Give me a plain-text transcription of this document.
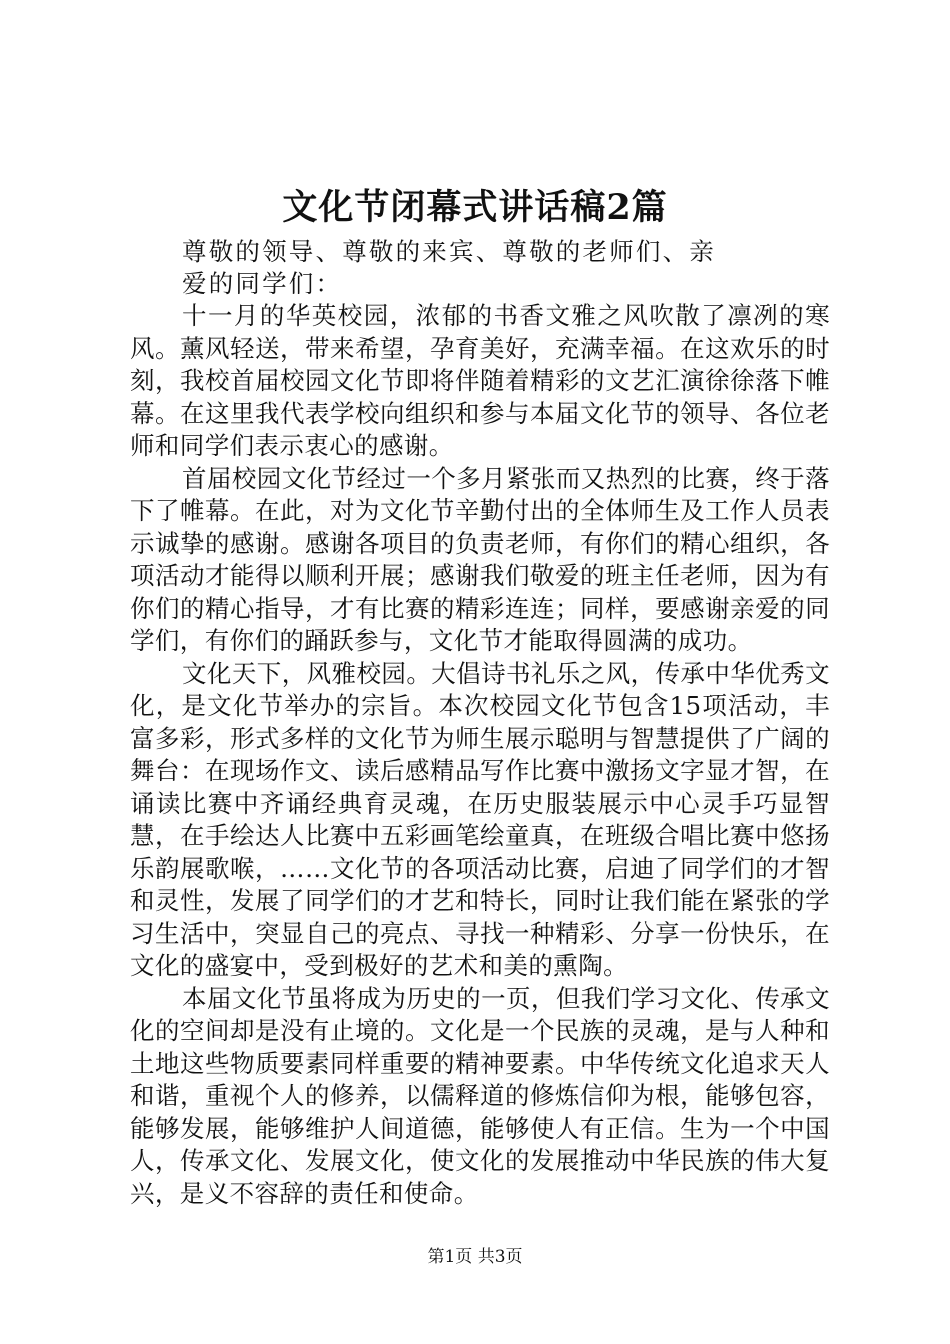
文化节闭幕式讲话稿2篇

尊敬的领导、尊敬的来宾、尊敬的老师们、亲爱的同学们：

十一月的华英校园，浓郁的书香文雅之风吹散了凛冽的寒风。薰风轻送，带来希望，孕育美好，充满幸福。在这欢乐的时刻，我校首届校园文化节即将伴随着精彩的文艺汇演徐徐落下帷幕。在这里我代表学校向组织和参与本届文化节的领导、各位老师和同学们表示衷心的感谢。

首届校园文化节经过一个多月紧张而又热烈的比赛，终于落下了帷幕。在此，对为文化节辛勤付出的全体师生及工作人员表示诚挚的感谢。感谢各项目的负责老师，有你们的精心组织，各项活动才能得以顺利开展；感谢我们敬爱的班主任老师，因为有你们的精心指导，才有比赛的精彩连连；同样，要感谢亲爱的同学们，有你们的踊跃参与，文化节才能取得圆满的成功。

文化天下，风雅校园。大倡诗书礼乐之风，传承中华优秀文化，是文化节举办的宗旨。本次校园文化节包含15项活动，丰富多彩，形式多样的文化节为师生展示聪明与智慧提供了广阔的舞台：在现场作文、读后感精品写作比赛中激扬文字显才智，在诵读比赛中齐诵经典育灵魂，在历史服装展示中心灵手巧显智慧，在手绘达人比赛中五彩画笔绘童真，在班级合唱比赛中悠扬乐韵展歌喉，……文化节的各项活动比赛，启迪了同学们的才智和灵性，发展了同学们的才艺和特长，同时让我们能在紧张的学习生活中，突显自己的亮点、寻找一种精彩、分享一份快乐，在文化的盛宴中，受到极好的艺术和美的熏陶。

本届文化节虽将成为历史的一页，但我们学习文化、传承文化的空间却是没有止境的。文化是一个民族的灵魂，是与人种和土地这些物质要素同样重要的精神要素。中华传统文化追求天人和谐，重视个人的修养，以儒释道的修炼信仰为根，能够包容，能够发展，能够维护人间道德，能够使人有正信。生为一个中国人，传承文化、发展文化，使文化的发展推动中华民族的伟大复兴，是义不容辞的责任和使命。

第1页 共3页
